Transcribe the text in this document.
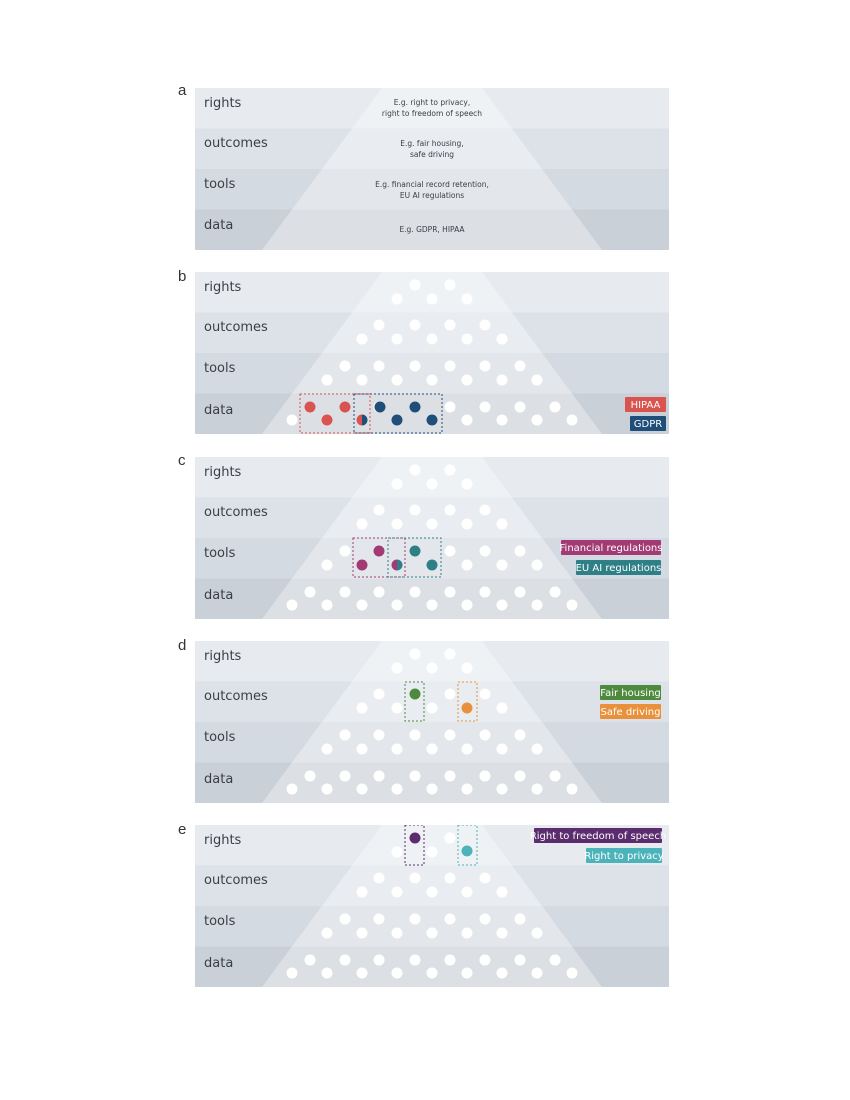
a
b
c
d
e
rights
outcomes
tools
data
E.g. right to privacy,
right to freedom of speech
E.g. fair housing,
safe driving
E.g. financial record retention,
EU AI regulations
E.g. GDPR, HIPAA
rights
outcomes
tools
data	HIPAA
GDPR
rights
outcomes
tools
data
Financial regulations
EU AI regulations
rights
outcomes
tools
data
Fair housing
Safe driving
rights
outcomes
tools
data
Right to freedom of speech
Right to privacy
